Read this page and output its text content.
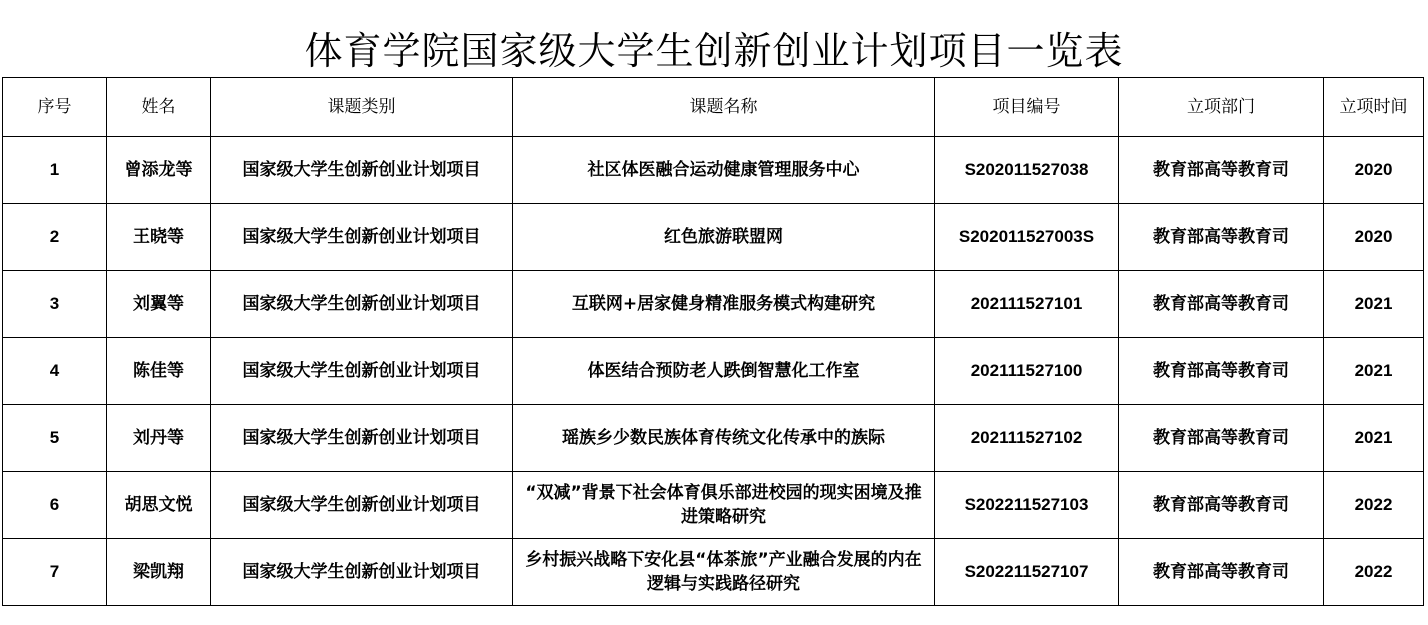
体育学院国家级大学生创新创业计划项目一览表
序号	姓名	课题类别	课题名称	项目编号	立项部门	立项时间
1	曾添龙等	国家级大学生创新创业计划项目	社区体医融合运动健康管理服务中心	S202011527038	教育部高等教育司	2020
2	王晓等	国家级大学生创新创业计划项目	红色旅游联盟网	S202011527003S	教育部高等教育司	2020
3	刘翼等	国家级大学生创新创业计划项目	互联网+居家健身精准服务模式构建研究	202111527101	教育部高等教育司	2021
4	陈佳等	国家级大学生创新创业计划项目	体医结合预防老人跌倒智慧化工作室	202111527100	教育部高等教育司	2021
5	刘丹等	国家级大学生创新创业计划项目	瑶族乡少数民族体育传统文化传承中的族际	202111527102	教育部高等教育司	2021
6	胡思文悦	国家级大学生创新创业计划项目	“双减”背景下社会体育俱乐部进校园的现实困境及推进策略研究	S202211527103	教育部高等教育司	2022
7	梁凯翔	国家级大学生创新创业计划项目	乡村振兴战略下安化县“体茶旅”产业融合发展的内在逻辑与实践路径研究	S202211527107	教育部高等教育司	2022
